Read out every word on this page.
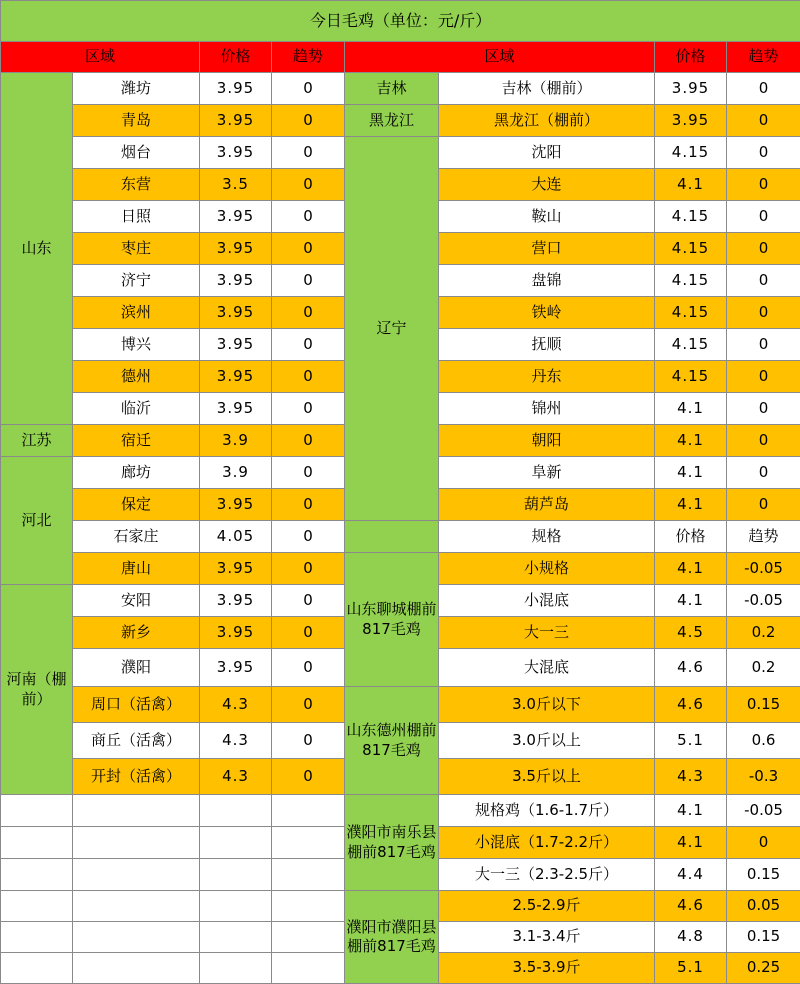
今日毛鸡（单位：元/斤）							
区域		价格	趋势	区域		价格	趋势
山东	潍坊	3.95	0	吉林	吉林（棚前）	3.95	0
	青岛	3.95	0	黑龙江	黑龙江（棚前）	3.95	0
	烟台	3.95	0	辽宁	沈阳	4.15	0
	东营	3.5	0		大连	4.1	0
	日照	3.95	0		鞍山	4.15	0
	枣庄	3.95	0		营口	4.15	0
	济宁	3.95	0		盘锦	4.15	0
	滨州	3.95	0		铁岭	4.15	0
	博兴	3.95	0		抚顺	4.15	0
	德州	3.95	0		丹东	4.15	0
	临沂	3.95	0		锦州	4.1	0
江苏	宿迁	3.9	0		朝阳	4.1	0
河北	廊坊	3.9	0		阜新	4.1	0
	保定	3.95	0		葫芦岛	4.1	0
	石家庄	4.05	0		规格	价格	趋势
	唐山	3.95	0	山东聊城棚前817毛鸡	小规格	4.1	-0.05
河南（棚前）	安阳	3.95	0		小混底	4.1	-0.05
	新乡	3.95	0		大一三	4.5	0.2
	濮阳	3.95	0		大混底	4.6	0.2
	周口（活禽）	4.3	0	山东德州棚前817毛鸡	3.0斤以下	4.6	0.15
	商丘（活禽）	4.3	0		3.0斤以上	5.1	0.6
	开封（活禽）	4.3	0		3.5斤以上	4.3	-0.3
				濮阳市南乐县棚前817毛鸡	规格鸡（1.6-1.7斤）	4.1	-0.05
					小混底（1.7-2.2斤）	4.1	0
					大一三（2.3-2.5斤）	4.4	0.15
				濮阳市濮阳县棚前817毛鸡	2.5-2.9斤	4.6	0.05
					3.1-3.4斤	4.8	0.15
					3.5-3.9斤	5.1	0.25
